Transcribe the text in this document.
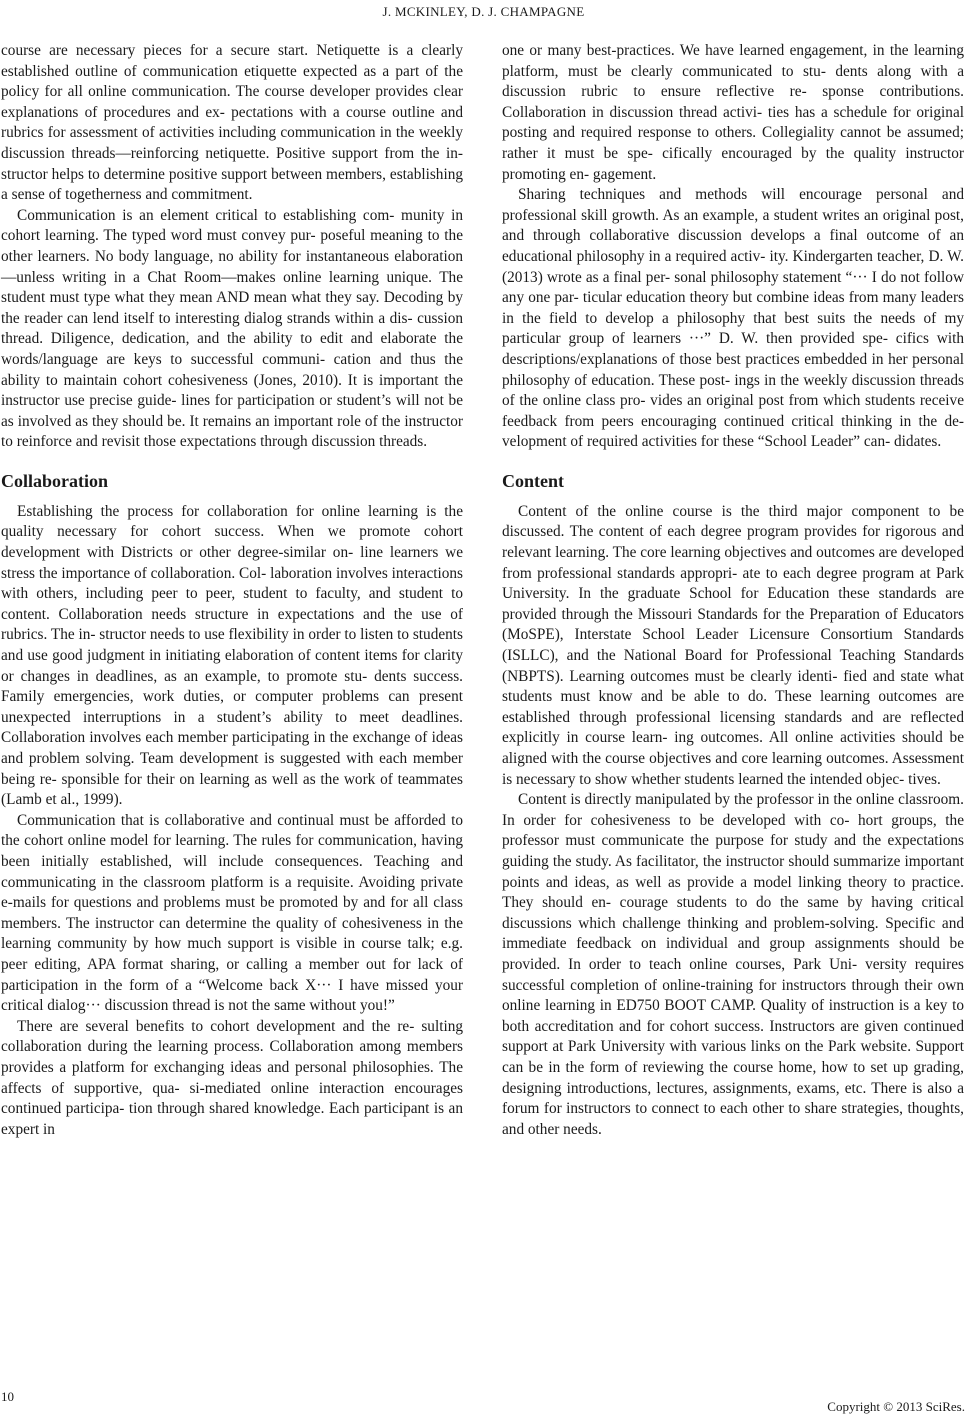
J. MCKINLEY, D. J. CHAMPAGNE

course are necessary pieces for a secure start. Netiquette is a clearly established outline of communication etiquette expected as a part of the policy for all online communication. The course developer provides clear explanations of procedures and ex- pectations with a course outline and rubrics for assessment of activities including communication in the weekly discussion threads—reinforcing netiquette. Positive support from the in- structor helps to determine positive support between members, establishing a sense of togetherness and commitment.

Communication is an element critical to establishing com- munity in cohort learning. The typed word must convey pur- poseful meaning to the other learners. No body language, no ability for instantaneous elaboration—unless writing in a Chat Room—makes online learning unique. The student must type what they mean AND mean what they say. Decoding by the reader can lend itself to interesting dialog strands within a dis- cussion thread. Diligence, dedication, and the ability to edit and elaborate the words/language are keys to successful communi- cation and thus the ability to maintain cohort cohesiveness (Jones, 2010). It is important the instructor use precise guide- lines for participation or student’s will not be as involved as they should be. It remains an important role of the instructor to reinforce and revisit those expectations through discussion threads.

Collaboration

Establishing the process for collaboration for online learning is the quality necessary for cohort success. When we promote cohort development with Districts or other degree-similar on- line learners we stress the importance of collaboration. Col- laboration involves interactions with others, including peer to peer, student to faculty, and student to content. Collaboration needs structure in expectations and the use of rubrics. The in- structor needs to use flexibility in order to listen to students and use good judgment in initiating elaboration of content items for clarity or changes in deadlines, as an example, to promote stu- dents success. Family emergencies, work duties, or computer problems can present unexpected interruptions in a student’s ability to meet deadlines. Collaboration involves each member participating in the exchange of ideas and problem solving. Team development is suggested with each member being re- sponsible for their on learning as well as the work of teammates (Lamb et al., 1999).

Communication that is collaborative and continual must be afforded to the cohort online model for learning. The rules for communication, having been initially established, will include consequences. Teaching and communicating in the classroom platform is a requisite. Avoiding private e-mails for questions and problems must be promoted by and for all class members. The instructor can determine the quality of cohesiveness in the learning community by how much support is visible in course talk; e.g. peer editing, APA format sharing, or calling a member out for lack of participation in the form of a “Welcome back X··· I have missed your critical dialog··· discussion thread is not the same without you!”

There are several benefits to cohort development and the re- sulting collaboration during the learning process. Collaboration among members provides a platform for exchanging ideas and personal philosophies. The affects of supportive, qua- si-mediated online interaction encourages continued participa- tion through shared knowledge. Each participant is an expert in

one or many best-practices. We have learned engagement, in the learning platform, must be clearly communicated to stu- dents along with a discussion rubric to ensure reflective re- sponse contributions. Collaboration in discussion thread activi- ties has a schedule for original posting and required response to others. Collegiality cannot be assumed; rather it must be spe- cifically encouraged by the quality instructor promoting en- gagement.

Sharing techniques and methods will encourage personal and professional skill growth. As an example, a student writes an original post, and through collaborative discussion develops a final outcome of an educational philosophy in a required activ- ity. Kindergarten teacher, D. W. (2013) wrote as a final per- sonal philosophy statement “··· I do not follow any one par- ticular education theory but combine ideas from many leaders in the field to develop a philosophy that best suits the needs of my particular group of learners ···” D. W. then provided spe- cifics with descriptions/explanations of those best practices embedded in her personal philosophy of education. These post- ings in the weekly discussion threads of the online class pro- vides an original post from which students receive feedback from peers encouraging continued critical thinking in the de- velopment of required activities for these “School Leader” can- didates.

Content

Content of the online course is the third major component to be discussed. The content of each degree program provides for rigorous and relevant learning. The core learning objectives and outcomes are developed from professional standards appropri- ate to each degree program at Park University. In the graduate School for Education these standards are provided through the Missouri Standards for the Preparation of Educators (MoSPE), Interstate School Leader Licensure Consortium Standards (ISLLC), and the National Board for Professional Teaching Standards (NBPTS). Learning outcomes must be clearly identi- fied and state what students must know and be able to do. These learning outcomes are established through professional licensing standards and are reflected explicitly in course learn- ing outcomes. All online activities should be aligned with the course objectives and core learning outcomes. Assessment is necessary to show whether students learned the intended objec- tives.

Content is directly manipulated by the professor in the online classroom. In order for cohesiveness to be developed with co- hort groups, the professor must communicate the purpose for study and the expectations guiding the study. As facilitator, the instructor should summarize important points and ideas, as well as provide a model linking theory to practice. They should en- courage students to do the same by having critical discussions which challenge thinking and problem-solving. Specific and immediate feedback on individual and group assignments should be provided. In order to teach online courses, Park Uni- versity requires successful completion of online-training for instructors through their own online learning in ED750 BOOT CAMP. Quality of instruction is a key to both accreditation and for cohort success. Instructors are given continued support at Park University with various links on the Park website. Support can be in the form of reviewing the course home, how to set up grading, designing introductions, lectures, assignments, exams, etc. There is also a forum for instructors to connect to each other to share strategies, thoughts, and other needs.

10
Copyright © 2013 SciRes.
